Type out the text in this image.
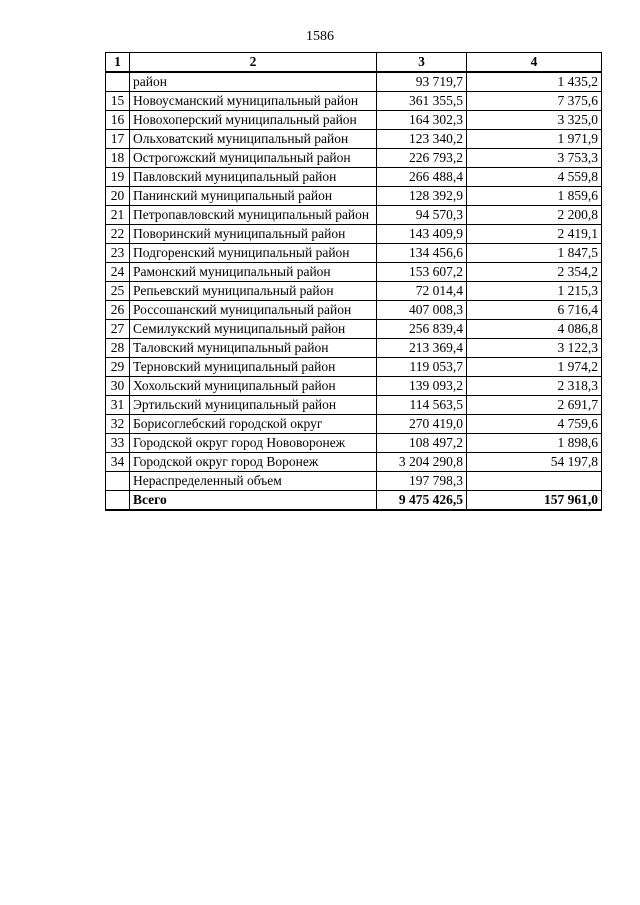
1586
1	2	3	4
	район	93 719,7	1 435,2
15	Новоусманский муниципальный район	361 355,5	7 375,6
16	Новохоперский муниципальный район	164 302,3	3 325,0
17	Ольховатский муниципальный район	123 340,2	1 971,9
18	Острогожский муниципальный район	226 793,2	3 753,3
19	Павловский муниципальный район	266 488,4	4 559,8
20	Панинский муниципальный район	128 392,9	1 859,6
21	Петропавловский муниципальный район	94 570,3	2 200,8
22	Поворинский муниципальный район	143 409,9	2 419,1
23	Подгоренский муниципальный район	134 456,6	1 847,5
24	Рамонский муниципальный район	153 607,2	2 354,2
25	Репьевский муниципальный район	72 014,4	1 215,3
26	Россошанский муниципальный район	407 008,3	6 716,4
27	Семилукский муниципальный район	256 839,4	4 086,8
28	Таловский муниципальный район	213 369,4	3 122,3
29	Терновский муниципальный район	119 053,7	1 974,2
30	Хохольский муниципальный район	139 093,2	2 318,3
31	Эртильский муниципальный район	114 563,5	2 691,7
32	Борисоглебский городской округ	270 419,0	4 759,6
33	Городской округ город Нововоронеж	108 497,2	1 898,6
34	Городской округ город Воронеж	3 204 290,8	54 197,8
	Нераспределенный объем	197 798,3	
	Всего	9 475 426,5	157 961,0
